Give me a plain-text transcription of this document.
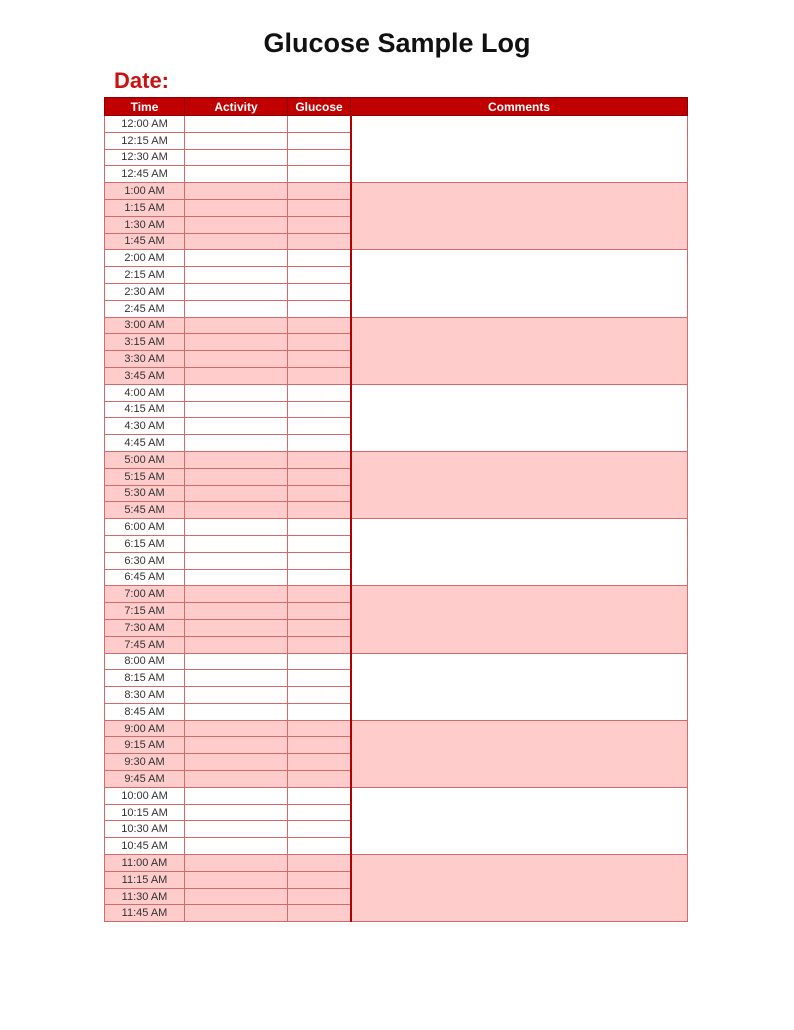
Glucose Sample Log
Date:
Time	Activity	Glucose	Comments
12:00 AM			
12:15 AM			
12:30 AM			
12:45 AM			
1:00 AM			
1:15 AM			
1:30 AM			
1:45 AM			
2:00 AM			
2:15 AM			
2:30 AM			
2:45 AM			
3:00 AM			
3:15 AM			
3:30 AM			
3:45 AM			
4:00 AM			
4:15 AM			
4:30 AM			
4:45 AM			
5:00 AM			
5:15 AM			
5:30 AM			
5:45 AM			
6:00 AM			
6:15 AM			
6:30 AM			
6:45 AM			
7:00 AM			
7:15 AM			
7:30 AM			
7:45 AM			
8:00 AM			
8:15 AM			
8:30 AM			
8:45 AM			
9:00 AM			
9:15 AM			
9:30 AM			
9:45 AM			
10:00 AM			
10:15 AM			
10:30 AM			
10:45 AM			
11:00 AM			
11:15 AM			
11:30 AM			
11:45 AM			
